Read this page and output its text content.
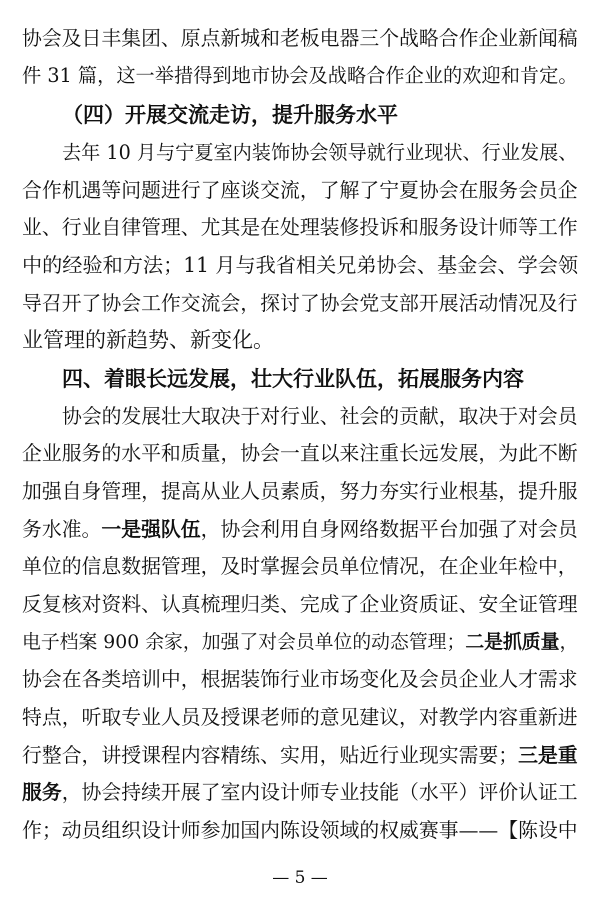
协会及日丰集团、原点新城和老板电器三个战略合作企业新闻稿
件 31 篇，这一举措得到地市协会及战略合作企业的欢迎和肯定。
（四）开展交流走访，提升服务水平
去年 10 月与宁夏室内装饰协会领导就行业现状、行业发展、
合作机遇等问题进行了座谈交流，了解了宁夏协会在服务会员企
业、行业自律管理、尤其是在处理装修投诉和服务设计师等工作
中的经验和方法；11 月与我省相关兄弟协会、基金会、学会领
导召开了协会工作交流会，探讨了协会党支部开展活动情况及行
业管理的新趋势、新变化。
四、着眼长远发展，壮大行业队伍，拓展服务内容
协会的发展壮大取决于对行业、社会的贡献，取决于对会员
企业服务的水平和质量，协会一直以来注重长远发展，为此不断
加强自身管理，提高从业人员素质，努力夯实行业根基，提升服
务水准。一是强队伍，协会利用自身网络数据平台加强了对会员
单位的信息数据管理，及时掌握会员单位情况，在企业年检中，
反复核对资料、认真梳理归类、完成了企业资质证、安全证管理
电子档案 900 余家，加强了对会员单位的动态管理；二是抓质量，
协会在各类培训中，根据装饰行业市场变化及会员企业人才需求
特点，听取专业人员及授课老师的意见建议，对教学内容重新进
行整合，讲授课程内容精练、实用，贴近行业现实需要；三是重
服务，协会持续开展了室内设计师专业技能（水平）评价认证工
作；动员组织设计师参加国内陈设领域的权威赛事——【陈设中
— 5 —
